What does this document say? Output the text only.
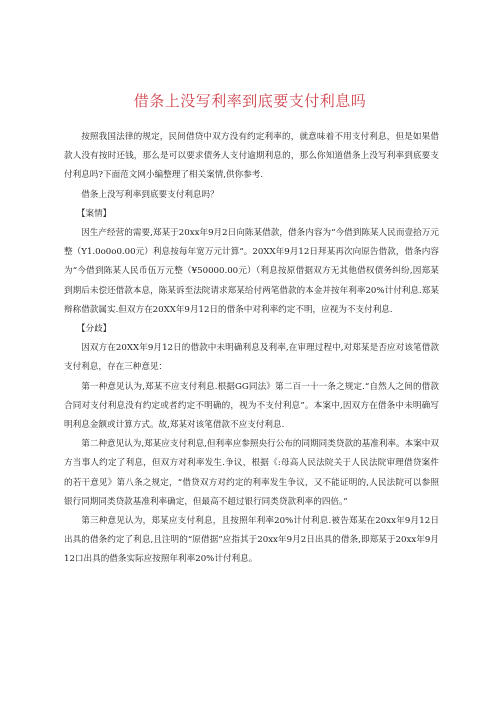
借条上没写利率到底要支付利息吗

按照我国法律的规定，民间借贷中双方没有约定利率的，就意味着不用支付利息，但是如果借款人没有按时还钱，那么是可以要求债务人支付逾期利息的，那么你知道借条上没写利率到底要支付利息吗?下面范文网小编整理了相关案情,供你参考.

借条上没写利率到底要支付利息吗？

【案情】

因生产经营的需要,郑某于20xx年9月2日向陈某借款，借条内容为“今借到陈某人民而壹拾万元整（Y1.0o0o0.00元）利息按每年宽万元计算”。20XX年9月12日拜某再次向原告借款，借条内容为“今借到陈某人民币伍万元整（¥50000.00元）（利息按原借据双方无其他借权债务纠纷,因郑某到期后未偿还借款本息，陈某诉至法院请求郑某给付两笔借款的本金并按年利率20%计付利息.郑某辩称借款属实.但双方在20XX年9月12日的借条中对利率约定不明，应视为不支付利息.

【分歧】

因双方在20XX年9月12日的借款中未明确利息及利率,在审理过程中,对郑某是否应对该笔借款支付利息，存在三种意见：

第一种意见认为,郑某不应支付利息.根据GG同法》第二百一十一条之规定.“自然人之间的借款合同对支付利息没有约定或者约定不明确的，视为不支付利息”。本案中,因双方在借条中未明确写明利息金额或计算方式。故,郑某对该笔借款不应支付利息.

第二种意见认为,郑某应支付利息,但利率应参照央行公布的同期同类贷款的基准利率。本案中双方当事人约定了利息，但双方对利率发生.争议，根据《:母高人民法院关于人民法院审理借贷案件的若干意见》第八条之规定，“借贷双方对约定的利率发生争议，又不能证明的,人民法院可以参照银行同期同类贷款基准利率确定，但最高不超过银行同类贷款利率的四倍。”

第三种意见认为，郑某应支付利息，且按照年利率20%计付利息.被告郑某在20xx年9月12日出具的借条约定了利息,且注明的“原借据”应指其于20xx年9月2日出具的借条,即郑某于20xx年9月12口出具的借条实际应按照年利率20%计付利息。
